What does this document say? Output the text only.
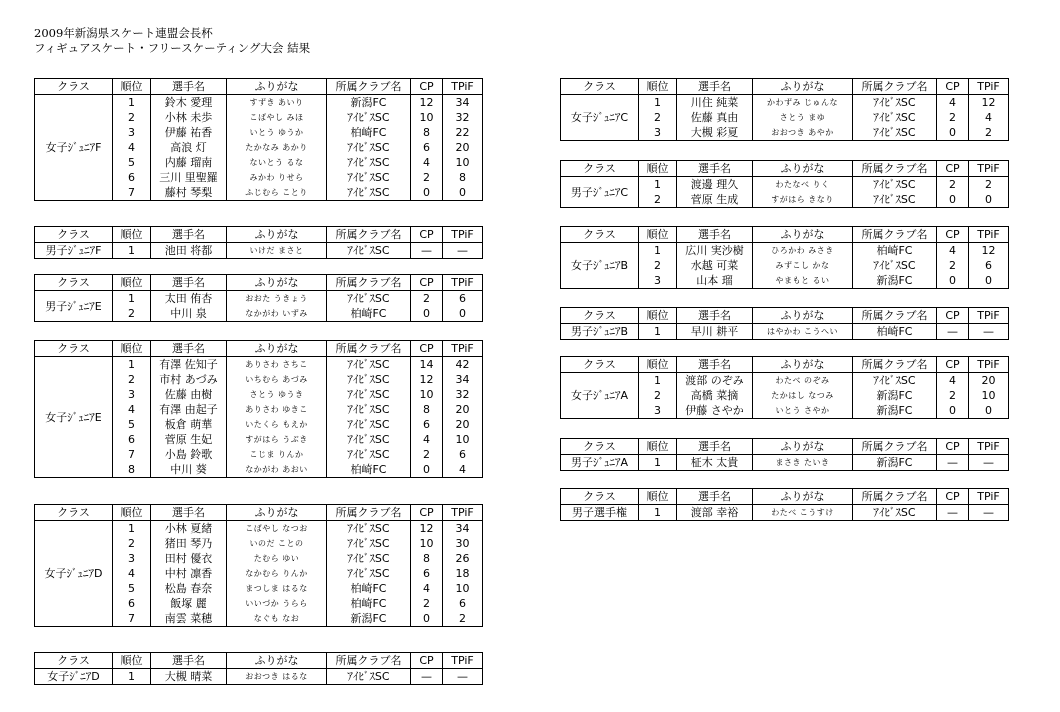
2009年新潟県スケート連盟会長杯
フィギュアスケート・フリースケーティング大会 結果
クラス	順位	選手名	ふりがな	所属クラブ名	CP	TPiF
女子ｼﾞｭﾆｱF	1	鈴木 愛理	すずき あいり	新潟FC	12	34
	2	小林 未歩	こばやし みほ	ｱｲﾋﾞｽSC	10	32
	3	伊藤 祐香	いとう ゆうか	柏崎FC	8	22
	4	高浪 灯	たかなみ あかり	ｱｲﾋﾞｽSC	6	20
	5	内藤 瑠南	ないとう るな	ｱｲﾋﾞｽSC	4	10
	6	三川 里聖羅	みかわ りせら	ｱｲﾋﾞｽSC	2	8
	7	藤村 琴梨	ふじむら ことり	ｱｲﾋﾞｽSC	0	0
クラス	順位	選手名	ふりがな	所属クラブ名	CP	TPiF
男子ｼﾞｭﾆｱF	1	池田 将都	いけだ まさと	ｱｲﾋﾞｽSC	—	—
クラス	順位	選手名	ふりがな	所属クラブ名	CP	TPiF
男子ｼﾞｭﾆｱE	1	太田 侑杏	おおた うきょう	ｱｲﾋﾞｽSC	2	6
	2	中川 泉	なかがわ いずみ	柏崎FC	0	0
クラス	順位	選手名	ふりがな	所属クラブ名	CP	TPiF
女子ｼﾞｭﾆｱE	1	有澤 佐知子	ありさわ さちこ	ｱｲﾋﾞｽSC	14	42
	2	市村 あづみ	いちむら あづみ	ｱｲﾋﾞｽSC	12	34
	3	佐藤 由樹	さとう ゆうき	ｱｲﾋﾞｽSC	10	32
	4	有澤 由起子	ありさわ ゆきこ	ｱｲﾋﾞｽSC	8	20
	5	板倉 萌華	いたくら もえか	ｱｲﾋﾞｽSC	6	20
	6	菅原 生妃	すがはら うぶき	ｱｲﾋﾞｽSC	4	10
	7	小島 鈴歌	こじま りんか	ｱｲﾋﾞｽSC	2	6
	8	中川 葵	なかがわ あおい	柏崎FC	0	4
クラス	順位	選手名	ふりがな	所属クラブ名	CP	TPiF
女子ｼﾞｭﾆｱD	1	小林 夏緒	こばやし なつお	ｱｲﾋﾞｽSC	12	34
	2	猪田 琴乃	いのだ ことの	ｱｲﾋﾞｽSC	10	30
	3	田村 優衣	たむら ゆい	ｱｲﾋﾞｽSC	8	26
	4	中村 凛香	なかむら りんか	ｱｲﾋﾞｽSC	6	18
	5	松島 春奈	まつしま はるな	柏崎FC	4	10
	6	飯塚 麗	いいづか うらら	柏崎FC	2	6
	7	南雲 菜穂	なぐも なお	新潟FC	0	2
クラス	順位	選手名	ふりがな	所属クラブ名	CP	TPiF
女子ｼﾞﾆｱD	1	大槻 晴菜	おおつき はるな	ｱｲﾋﾞｽSC	—	—
クラス	順位	選手名	ふりがな	所属クラブ名	CP	TPiF
女子ｼﾞｭﾆｱC	1	川住 純菜	かわずみ じゅんな	ｱｲﾋﾞｽSC	4	12
	2	佐藤 真由	さとう まゆ	ｱｲﾋﾞｽSC	2	4
	3	大槻 彩夏	おおつき あやか	ｱｲﾋﾞｽSC	0	2
クラス	順位	選手名	ふりがな	所属クラブ名	CP	TPiF
男子ｼﾞｭﾆｱC	1	渡邊 理久	わたなべ りく	ｱｲﾋﾞｽSC	2	2
	2	菅原 生成	すがはら きなり	ｱｲﾋﾞｽSC	0	0
クラス	順位	選手名	ふりがな	所属クラブ名	CP	TPiF
女子ｼﾞｭﾆｱB	1	広川 実沙樹	ひろかわ みさき	柏崎FC	4	12
	2	水越 可菜	みずこし かな	ｱｲﾋﾞｽSC	2	6
	3	山本 瑠	やまもと るい	新潟FC	0	0
クラス	順位	選手名	ふりがな	所属クラブ名	CP	TPiF
男子ｼﾞｭﾆｱB	1	早川 耕平	はやかわ こうへい	柏崎FC	—	—
クラス	順位	選手名	ふりがな	所属クラブ名	CP	TPiF
女子ｼﾞｭﾆｱA	1	渡部 のぞみ	わたべ のぞみ	ｱｲﾋﾞｽSC	4	20
	2	高橋 菜摘	たかはし なつみ	新潟FC	2	10
	3	伊藤 さやか	いとう さやか	新潟FC	0	0
クラス	順位	選手名	ふりがな	所属クラブ名	CP	TPiF
男子ｼﾞｭﾆｱA	1	柾木 太貴	まさき たいき	新潟FC	—	—
クラス	順位	選手名	ふりがな	所属クラブ名	CP	TPiF
男子選手権	1	渡部 幸裕	わたべ こうすけ	ｱｲﾋﾞｽSC	—	—
